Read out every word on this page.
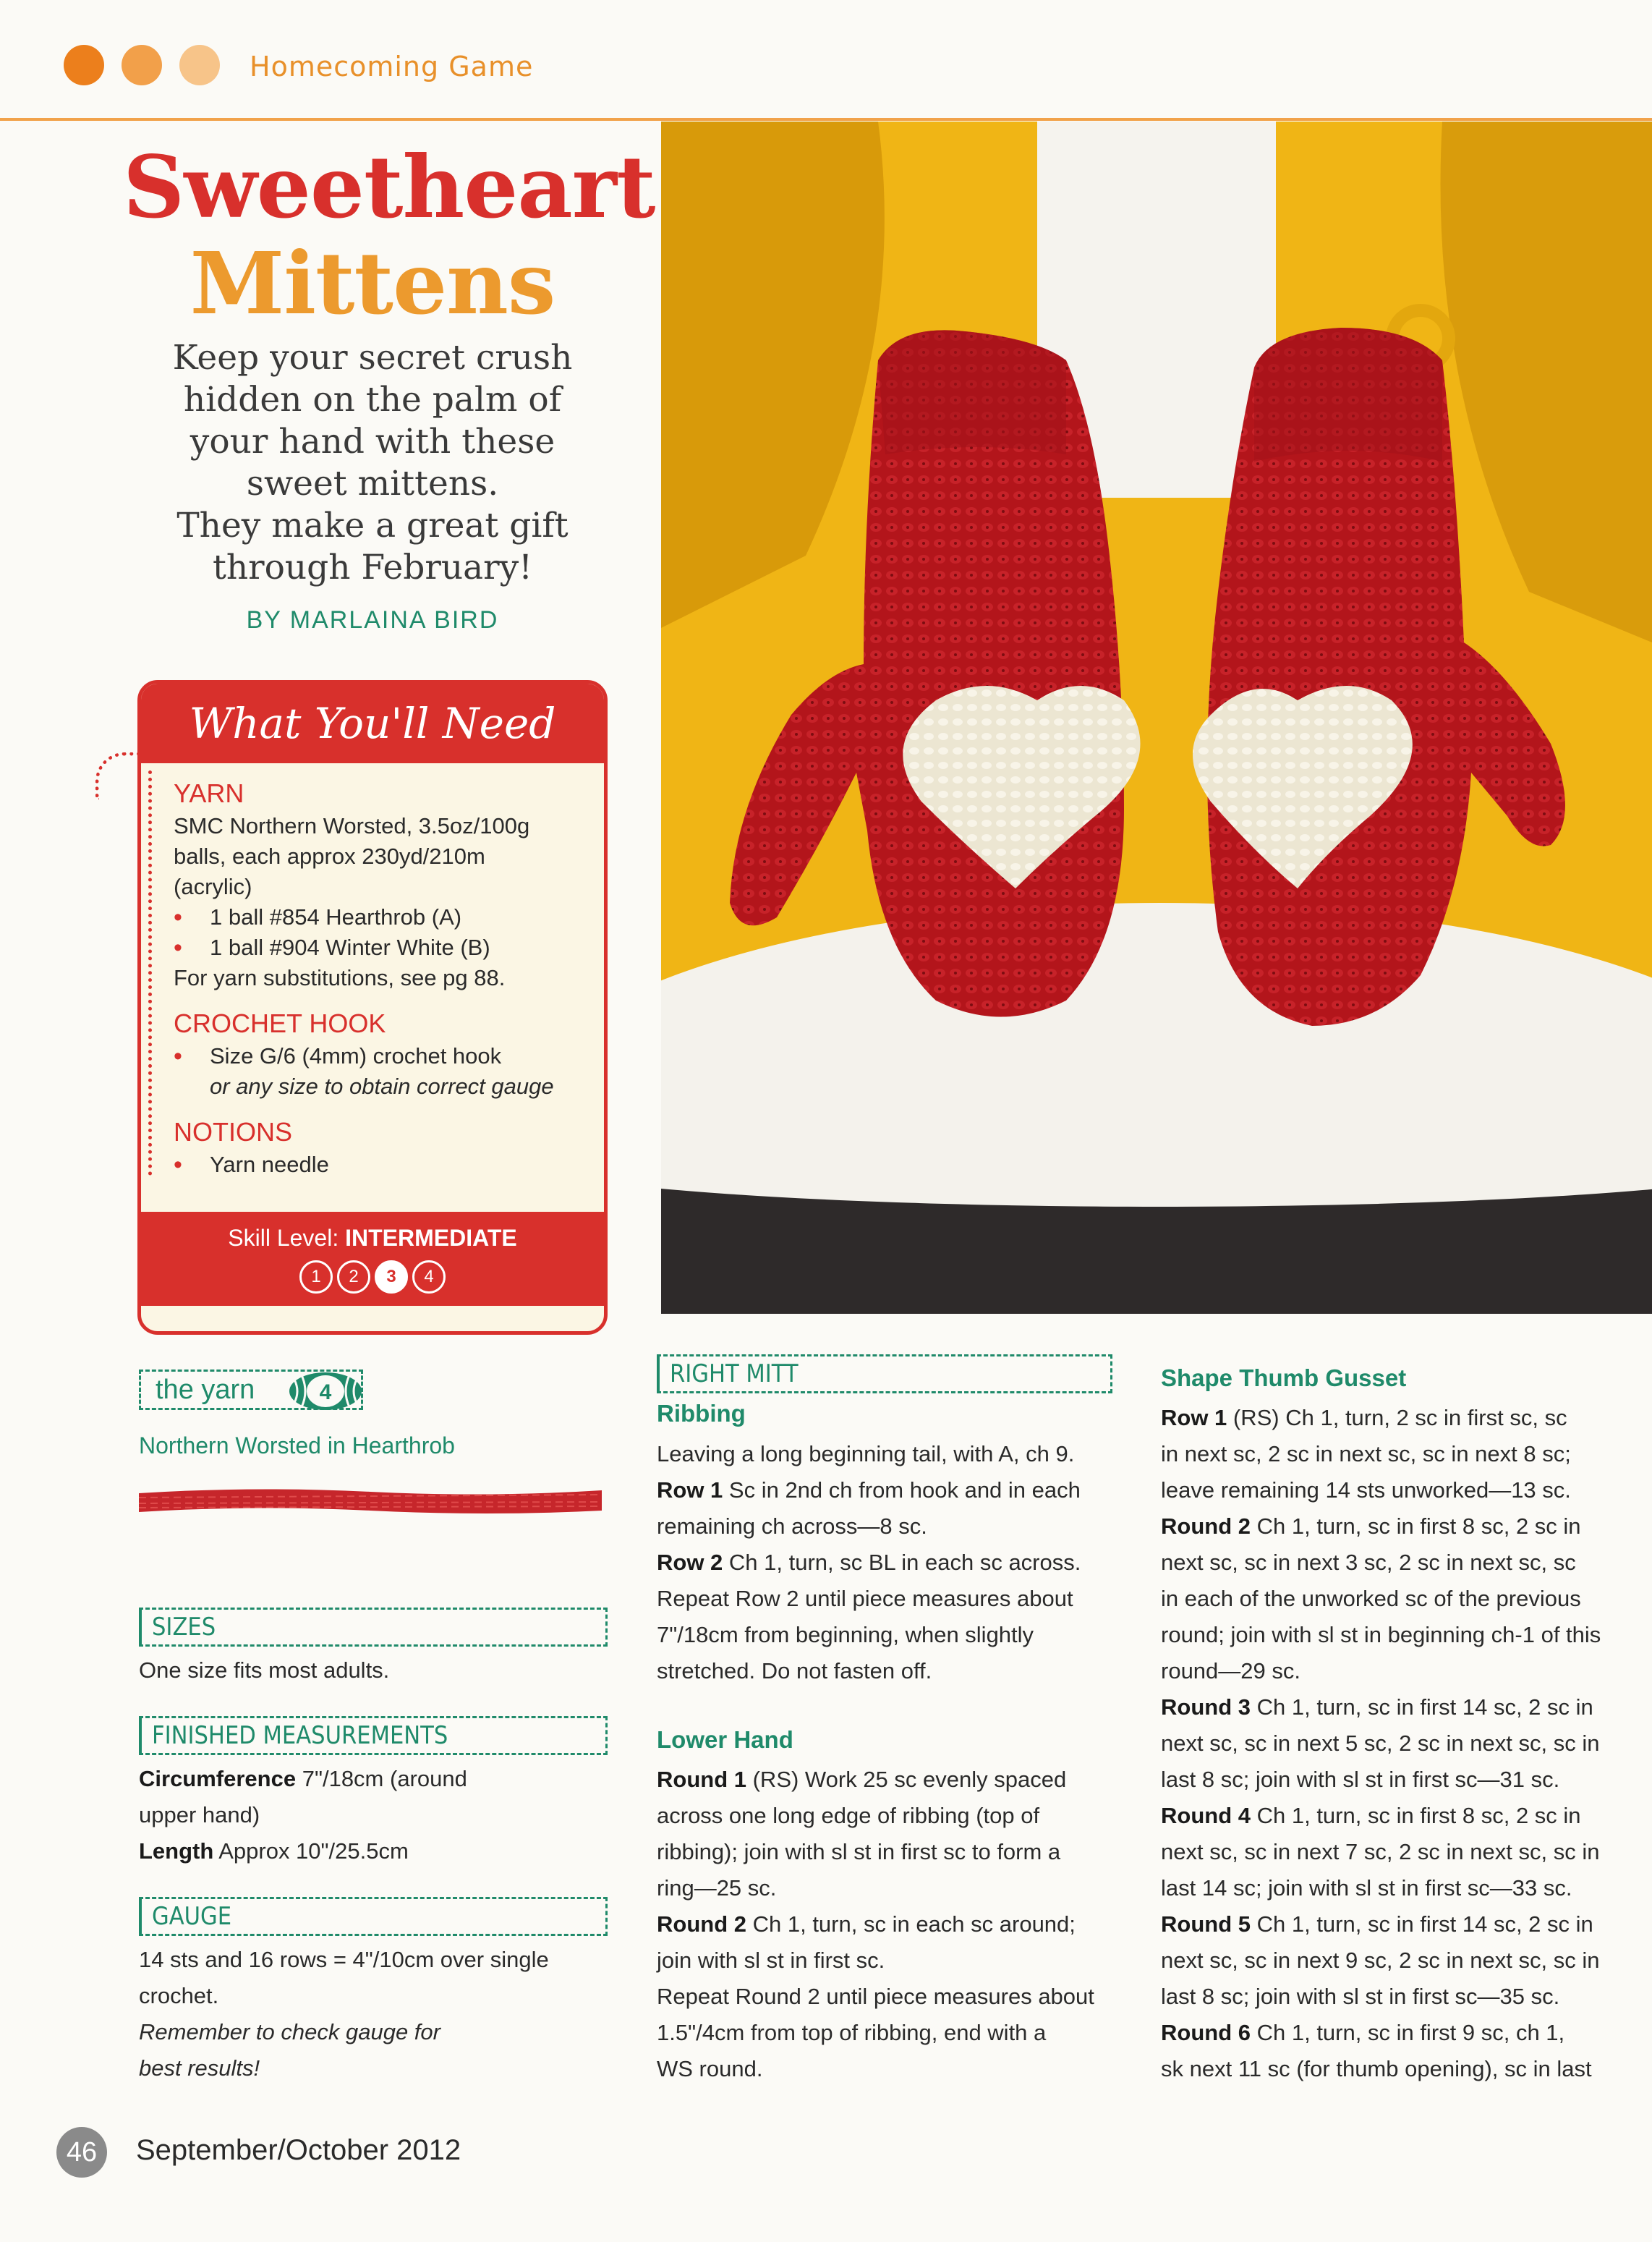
Homecoming Game
Sweetheart
Mittens
Keep your secret crush
hidden on the palm of
your hand with these
sweet mittens.
They make a great gift
through February!
BY MARLAINA BIRD
What You'll Need
YARN
SMC Northern Worsted, 3.5oz/100g
balls, each approx 230yd/210m
(acrylic)
• 1 ball #854 Hearthrob (A)
• 1 ball #904 Winter White (B)
For yarn substitutions, see pg 88.
CROCHET HOOK
• Size G/6 (4mm) crochet hook
or any size to obtain correct gauge
NOTIONS
• Yarn needle
Skill Level: INTERMEDIATE
1	2	3	4
the yarn	4
Northern Worsted in Hearthrob
SIZES
One size fits most adults.
FINISHED MEASUREMENTS
Circumference 7"/18cm (around
upper hand)
Length Approx 10"/25.5cm
GAUGE
14 sts and 16 rows = 4"/10cm over single
crochet.
Remember to check gauge for
best results!
RIGHT MITT
Ribbing
Leaving a long beginning tail, with A, ch 9.
Row 1 Sc in 2nd ch from hook and in each
remaining ch across—8 sc.
Row 2 Ch 1, turn, sc BL in each sc across.
Repeat Row 2 until piece measures about
7"/18cm from beginning, when slightly
stretched. Do not fasten off.
Lower Hand
Round 1 (RS) Work 25 sc evenly spaced
across one long edge of ribbing (top of
ribbing); join with sl st in first sc to form a
ring—25 sc.
Round 2 Ch 1, turn, sc in each sc around;
join with sl st in first sc.
Repeat Round 2 until piece measures about
1.5"/4cm from top of ribbing, end with a
WS round.
Shape Thumb Gusset
Row 1 (RS) Ch 1, turn, 2 sc in first sc, sc
in next sc, 2 sc in next sc, sc in next 8 sc;
leave remaining 14 sts unworked—13 sc.
Round 2 Ch 1, turn, sc in first 8 sc, 2 sc in
next sc, sc in next 3 sc, 2 sc in next sc, sc
in each of the unworked sc of the previous
round; join with sl st in beginning ch-1 of this
round—29 sc.
Round 3 Ch 1, turn, sc in first 14 sc, 2 sc in
next sc, sc in next 5 sc, 2 sc in next sc, sc in
last 8 sc; join with sl st in first sc—31 sc.
Round 4 Ch 1, turn, sc in first 8 sc, 2 sc in
next sc, sc in next 7 sc, 2 sc in next sc, sc in
last 14 sc; join with sl st in first sc—33 sc.
Round 5 Ch 1, turn, sc in first 14 sc, 2 sc in
next sc, sc in next 9 sc, 2 sc in next sc, sc in
last 8 sc; join with sl st in first sc—35 sc.
Round 6 Ch 1, turn, sc in first 9 sc, ch 1,
sk next 11 sc (for thumb opening), sc in last
46	September/October 2012
